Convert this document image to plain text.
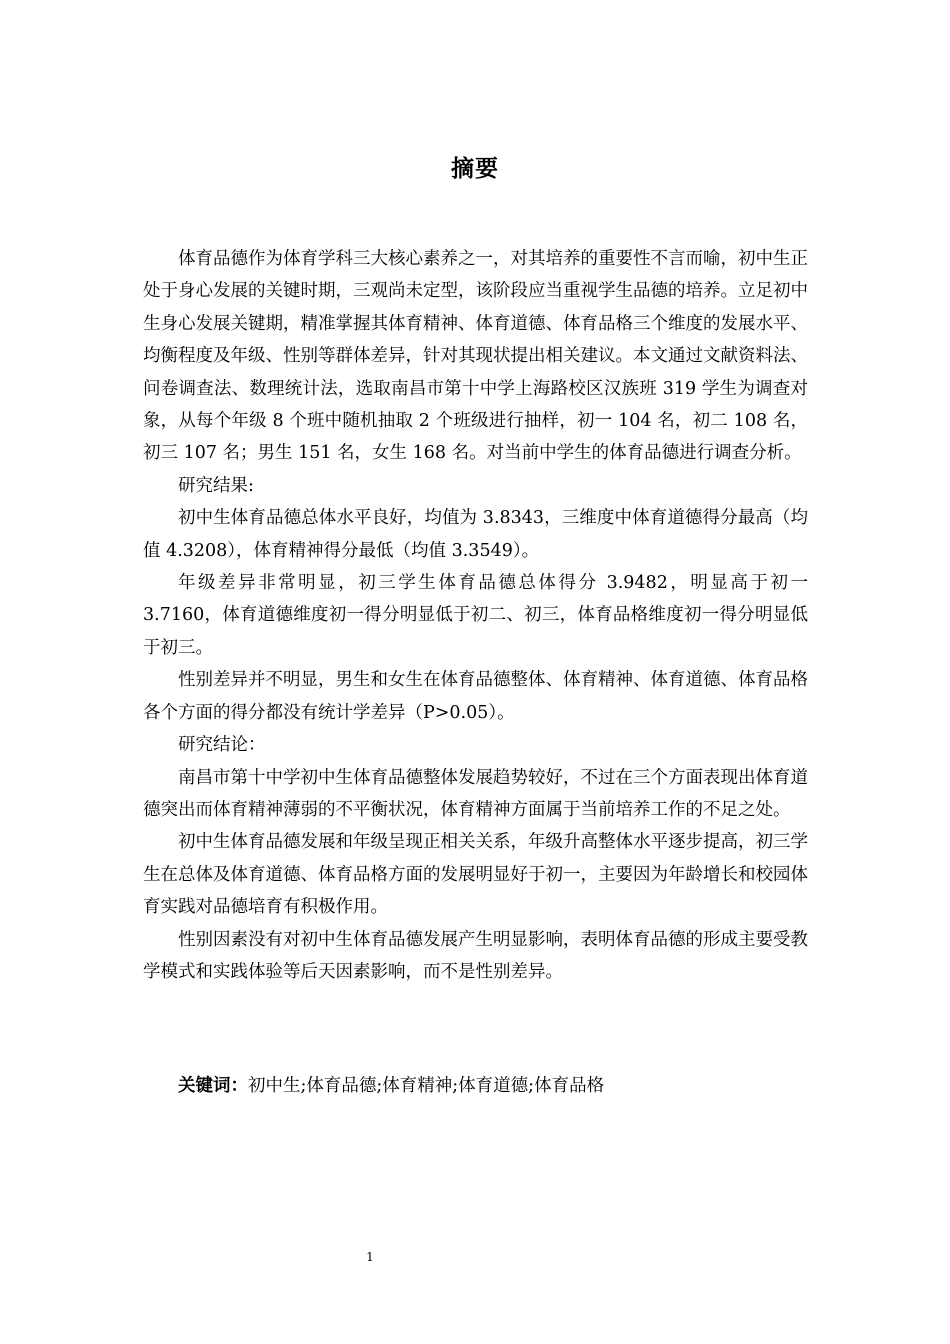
摘要

体育品德作为体育学科三大核心素养之一，对其培养的重要性不言而喻，初中生正处于身心发展的关键时期，三观尚未定型，该阶段应当重视学生品德的培养。立足初中生身心发展关键期，精准掌握其体育精神、体育道德、体育品格三个维度的发展水平、均衡程度及年级、性别等群体差异，针对其现状提出相关建议。本文通过文献资料法、问卷调查法、数理统计法，选取南昌市第十中学上海路校区汉族班 319 学生为调查对象，从每个年级 8 个班中随机抽取 2 个班级进行抽样，初一 104 名，初二 108 名，初三 107 名；男生 151 名，女生 168 名。对当前中学生的体育品德进行调查分析。

研究结果:

初中生体育品德总体水平良好，均值为 3.8343，三维度中体育道德得分最高（均值 4.3208），体育精神得分最低（均值 3.3549）。

年级差异非常明显，初三学生体育品德总体得分 3.9482，明显高于初一 3.7160，体育道德维度初一得分明显低于初二、初三，体育品格维度初一得分明显低于初三。

性别差异并不明显，男生和女生在体育品德整体、体育精神、体育道德、体育品格各个方面的得分都没有统计学差异（P>0.05）。

研究结论：

南昌市第十中学初中生体育品德整体发展趋势较好，不过在三个方面表现出体育道德突出而体育精神薄弱的不平衡状况，体育精神方面属于当前培养工作的不足之处。

初中生体育品德发展和年级呈现正相关关系，年级升高整体水平逐步提高，初三学生在总体及体育道德、体育品格方面的发展明显好于初一，主要因为年龄增长和校园体育实践对品德培育有积极作用。

性别因素没有对初中生体育品德发展产生明显影响，表明体育品德的形成主要受教学模式和实践体验等后天因素影响，而不是性别差异。

关键词：初中生;体育品德;体育精神;体育道德;体育品格
1
